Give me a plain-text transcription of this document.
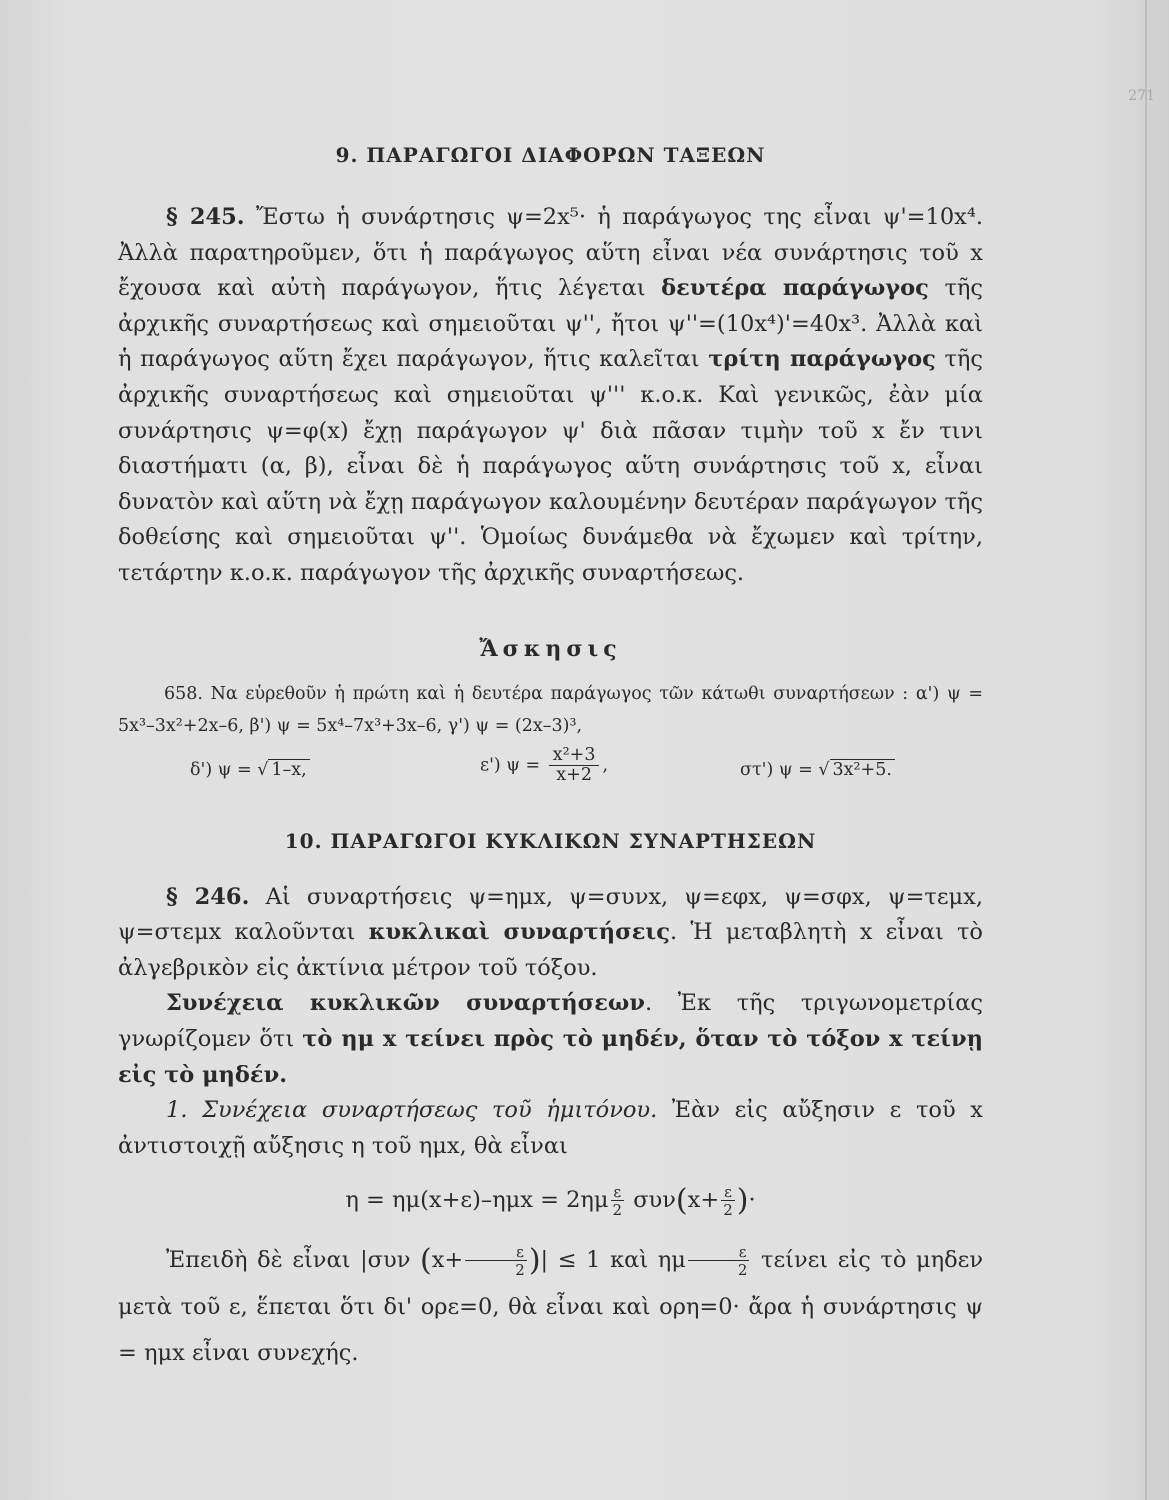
271
9. ΠΑΡΑΓΩΓΟΙ ΔΙΑΦΟΡΩΝ ΤΑΞΕΩΝ

§ 245. Ἔστω ἡ συνάρτησις ψ=2x⁵· ἡ παράγωγος της εἶναι ψ'=10x⁴. Ἀλλὰ παρατηροῦμεν, ὅτι ἡ παράγωγος αὕτη εἶναι νέα συνάρτησις τοῦ x ἔχουσα καὶ αὐτὴ παράγωγον, ἥτις λέγεται δευτέρα παράγωγος τῆς ἀρχικῆς συναρτήσεως καὶ σημειοῦται ψ'', ἤτοι ψ''=(10x⁴)'=40x³. Ἀλλὰ καὶ ἡ παράγωγος αὕτη ἔχει παράγωγον, ἥτις καλεῖται τρίτη παράγωγος τῆς ἀρχικῆς συναρτήσεως καὶ σημειοῦται ψ''' κ.ο.κ. Καὶ γενικῶς, ἐὰν μία συνάρτησις ψ=φ(x) ἔχῃ παράγωγον ψ' διὰ πᾶσαν τιμὴν τοῦ x ἔν τινι διαστήματι (α, β), εἶναι δὲ ἡ παράγωγος αὕτη συνάρτησις τοῦ x, εἶναι δυνατὸν καὶ αὕτη νὰ ἔχῃ παράγωγον καλουμένην δευτέραν παράγωγον τῆς δοθείσης καὶ σημειοῦται ψ''. Ὁμοίως δυνάμεθα νὰ ἔχωμεν καὶ τρίτην, τετάρτην κ.ο.κ. παράγωγον τῆς ἀρχικῆς συναρτήσεως.

Ἄσκησις

658. Να εὑρεθοῦν ἡ πρώτη καὶ ἡ δευτέρα παράγωγος τῶν κάτωθι συναρτήσεων : α') ψ = 5x³–3x²+2x–6, β') ψ = 5x⁴–7x³+3x–6, γ') ψ = (2x–3)³,

δ') ψ = √ 1–x,	ε') $\psi = \frac{\text{x²+3}}{x+2}$ ,	στ') ψ = √ 3x²+5.
10. ΠΑΡΑΓΩΓΟΙ ΚΥΚΛΙΚΩΝ ΣΥΝΑΡΤΗΣΕΩΝ

§ 246. Αἱ συναρτήσεις ψ=ημx, ψ=συνx, ψ=εφx, ψ=σφx, ψ=τεμx, ψ=στεμx καλοῦνται κυκλικαὶ συναρτήσεις. Ἡ μεταβλητὴ x εἶναι τὸ ἀλγεβρικὸν εἰς ἀκτίνια μέτρον τοῦ τόξου.

Συνέχεια κυκλικῶν συναρτήσεων. Ἐκ τῆς τριγωνομετρίας γνωρίζομεν ὅτι τὸ ημ x τείνει πρὸς τὸ μηδέν, ὅταν τὸ τόξον x τείνῃ εἰς τὸ μηδέν.

1. Συνέχεια συναρτήσεως τοῦ ἡμιτόνου. Ἐὰν εἰς αὔξησιν ε τοῦ x ἀντιστοιχῇ αὔξησις η τοῦ ημx, θὰ εἶναι

$\eta = \eta\mu(x+\varepsilon)-\eta\mu x = 2\eta\mu \frac{\varepsilon}{2} \sigma\upsilon\nu(x+ \frac{\varepsilon}{2}$ )·

Ἐπειδὴ δὲ εἶναι |συν ($x+ \frac{\varepsilon}{2}$ )| ≤ 1 καὶ ημ $\frac{\varepsilon}{2}$ τείνει εἰς τὸ μηδεν μετὰ τοῦ ε, ἕπεται ὅτι δι' ορε=0, θὰ εἶναι καὶ ορη=0· ἄρα ἡ συνάρτησις ψ = ημx εἶναι συνεχής.
